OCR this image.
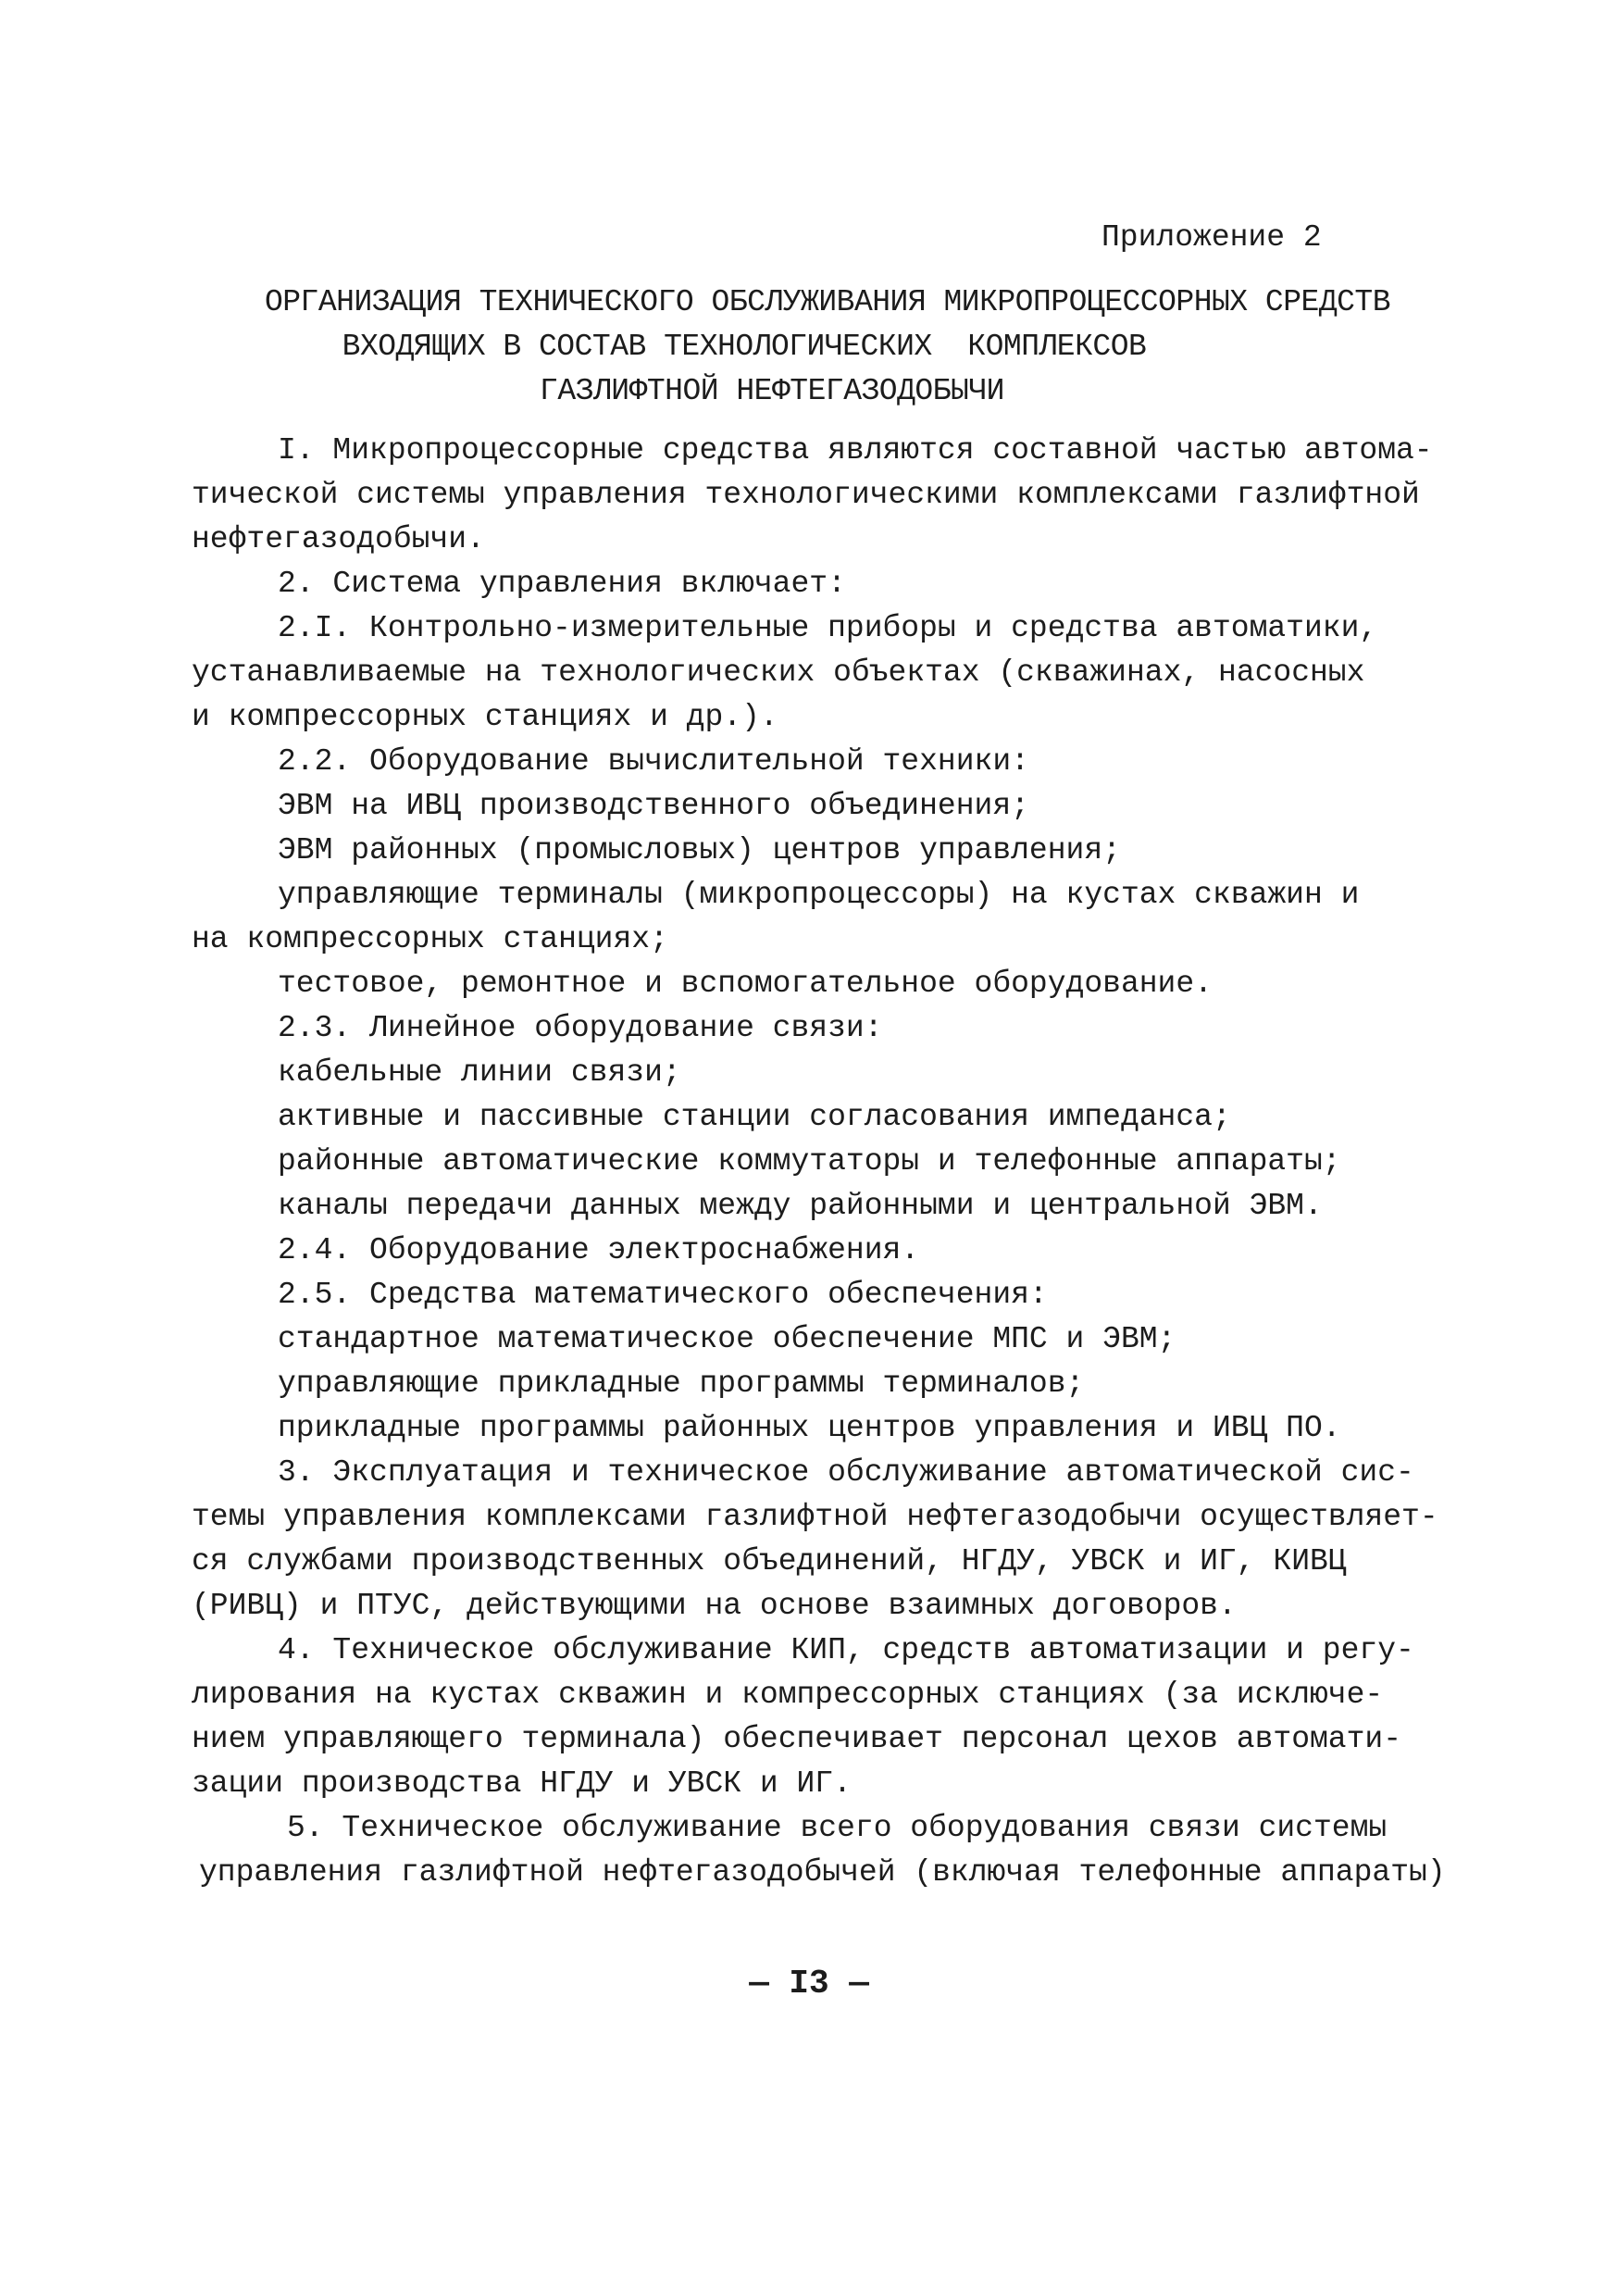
Приложение 2
ОРГАНИЗАЦИЯ ТЕХНИЧЕСКОГО ОБСЛУЖИВАНИЯ МИКРОПРОЦЕССОРНЫХ СРЕДСТВ
ВХОДЯЩИХ В СОСТАВ ТЕХНОЛОГИЧЕСКИХ  КОМПЛЕКСОВ
ГАЗЛИФТНОЙ НЕФТЕГАЗОДОБЫЧИ
I. Микропроцессорные средства являются составной частью автома-
тической системы управления технологическими комплексами газлифтной
нефтегазодобычи.
2. Система управления включает:
2.I. Контрольно-измерительные приборы и средства автоматики,
устанавливаемые на технологических объектах (скважинах, насосных
и компрессорных станциях и др.).
2.2. Оборудование вычислительной техники:
ЭВМ на ИВЦ производственного объединения;
ЭВМ районных (промысловых) центров управления;
управляющие терминалы (микропроцессоры) на кустах скважин и
на компрессорных станциях;
тестовое, ремонтное и вспомогательное оборудование.
2.3. Линейное оборудование связи:
кабельные линии связи;
активные и пассивные станции согласования импеданса;
районные автоматические коммутаторы и телефонные аппараты;
каналы передачи данных между районными и центральной ЭВМ.
2.4. Оборудование электроснабжения.
2.5. Средства математического обеспечения:
стандартное математическое обеспечение МПС и ЭВМ;
управляющие прикладные программы терминалов;
прикладные программы районных центров управления и ИВЦ ПО.
3. Эксплуатация и техническое обслуживание автоматической сис-
темы управления комплексами газлифтной нефтегазодобычи осуществляет-
ся службами производственных объединений, НГДУ, УВСК и ИГ, КИВЦ
(РИВЦ) и ПТУС, действующими на основе взаимных договоров.
4. Техническое обслуживание КИП, средств автоматизации и регу-
лирования на кустах скважин и компрессорных станциях (за исключе-
нием управляющего терминала) обеспечивает персонал цехов автомати-
зации производства НГДУ и УВСК и ИГ.
5. Техническое обслуживание всего оборудования связи системы
управления газлифтной нефтегазодобычей (включая телефонные аппараты)
— I3 —
